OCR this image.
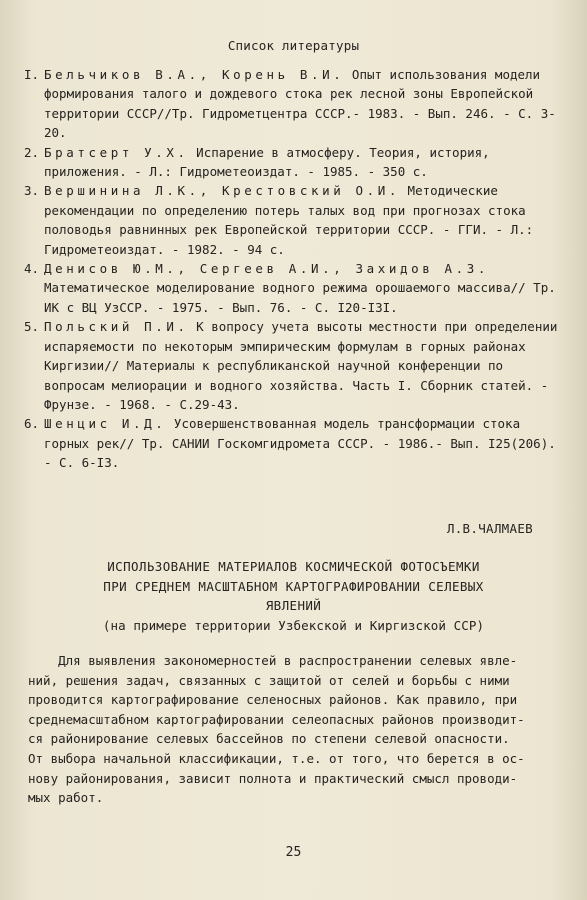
Список литературы
I. Бельчиков В.А., Корень В.И. Опыт использования модели формирования талого и дождевого стока рек лесной зоны Европейской территории СССР//Тр. Гидрометцентра СССР.- 1983. - Вып. 246. - С. 3-20.
2. Братсерт У.Х. Испарение в атмосферу. Теория, история, приложения. - Л.: Гидрометеоиздат. - 1985. - 350 с.
3. Вершинина Л.К., Крестовский О.И. Методические рекомендации по определению потерь талых вод при прогнозах стока половодья равнинных рек Европейской территории СССР. - ГГИ. - Л.: Гидрометеоиздат. - 1982. - 94 с.
4. Денисов Ю.М., Сергеев А.И., Захидов А.З. Математическое моделирование водного режима орошаемого массива// Тр. ИК с ВЦ УзССР. - 1975. - Вып. 76. - С. I20-I3I.
5. Польский П.И. К вопросу учета высоты местности при определении испаряемости по некоторым эмпирическим формулам в горных районах Киргизии// Материалы к республиканской научной конференции по вопросам мелиорации и водного хозяйства. Часть I. Сборник статей. - Фрунзе. - 1968. - С.29-43.
6. Шенцис И.Д. Усовершенствованная модель трансформации стока горных рек// Тр. САНИИ Госкомгидромета СССР. - 1986.- Вып. I25(206). - С. 6-I3.
Л.В.ЧАЛМАЕВ
ИСПОЛЬЗОВАНИЕ МАТЕРИАЛОВ КОСМИЧЕСКОЙ ФОТОСЪЕМКИ
ПРИ СРЕДНЕМ МАСШТАБНОМ КАРТОГРАФИРОВАНИИ СЕЛЕВЫХ
ЯВЛЕНИЙ
(на примере территории Узбекской и Киргизской ССР)
Для выявления закономерностей в распространении селевых явле-
ний, решения задач, связанных с защитой от селей и борьбы с ними
проводится картографирование селеносных районов. Как правило, при
среднемасштабном картографировании селеопасных районов производит-
ся районирование селевых бассейнов по степени селевой опасности.
От выбора начальной классификации, т.е. от того, что берется в ос-
нову районирования, зависит полнота и практический смысл проводи-
мых работ.
25
